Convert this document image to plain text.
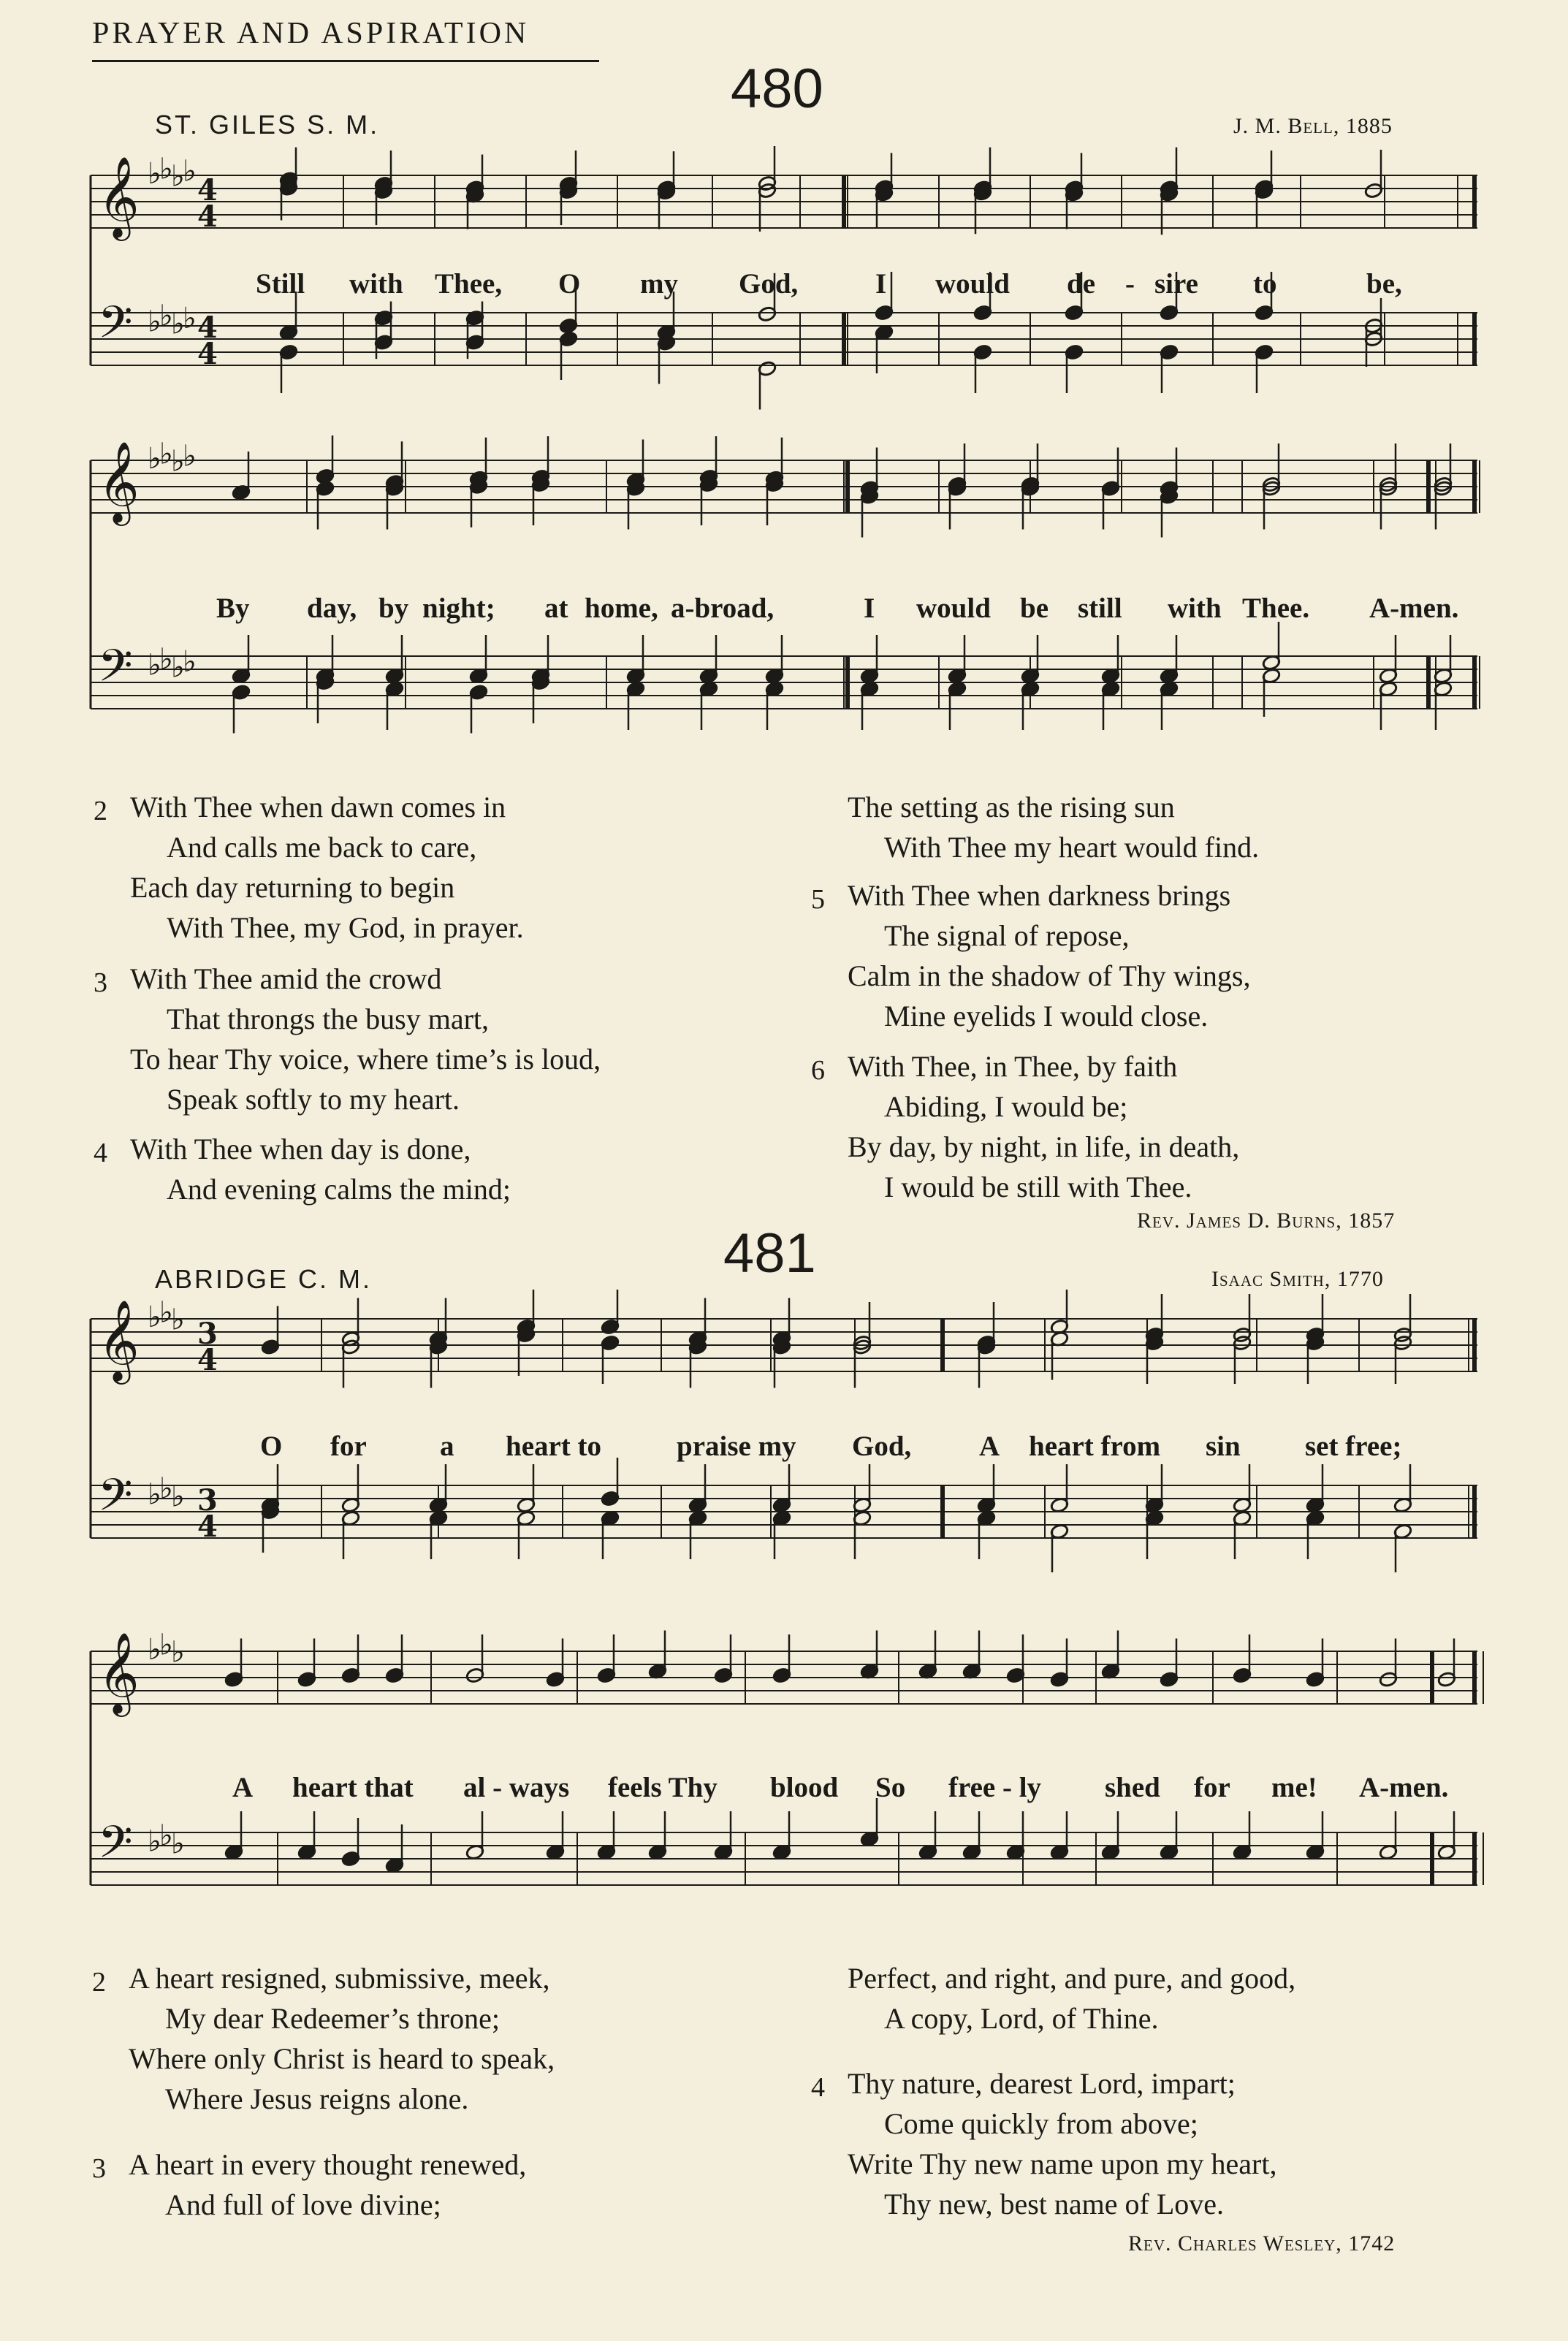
PRAYER AND ASPIRATION
480
ST. GILES S. M.	J. M. Bell, 1885
𝄞 ♭
♭
♭
♭
4
4
𝄢 ♭
♭
♭
♭ 4
4
Still with Thee, O my God,	I would de - sire to	be,
𝄞 ♭
♭
♭
♭
𝄢 ♭
♭
♭
♭
By day, by night; at home, a-broad,	I would be still with Thee. A-men.
2 With Thee when dawn comes in
And calls me back to care,
Each day returning to begin
With Thee, my God, in prayer.
3 With Thee amid the crowd
That throngs the busy mart,
To hear Thy voice, where time’s is loud,
Speak softly to my heart.
4 With Thee when day is done,
And evening calms the mind;
The setting as the rising sun
With Thee my heart would find.
5 With Thee when darkness brings
The signal of repose,
Calm in the shadow of Thy wings,
Mine eyelids I would close.
6 With Thee, in Thee, by faith
Abiding, I would be;
By day, by night, in life, in death,
I would be still with Thee.
Rev. James D. Burns, 1857
481
ABRIDGE C. M.	Isaac Smith, 1770
𝄞 ♭
♭
♭ 3
4
𝄢 ♭
♭
♭ 3
4
O for	a heart to	praise my God, A heart from sin set free;
𝄞 ♭
♭
♭
𝄢 ♭
♭
♭
A heart that al - ways feels Thy blood So free - ly shed for me! A-men.
2 A heart resigned, submissive, meek,
My dear Redeemer’s throne;
Where only Christ is heard to speak,
Where Jesus reigns alone.
3 A heart in every thought renewed,
And full of love divine;
Perfect, and right, and pure, and good,
A copy, Lord, of Thine.
4 Thy nature, dearest Lord, impart;
Come quickly from above;
Write Thy new name upon my heart,
Thy new, best name of Love.
Rev. Charles Wesley, 1742
